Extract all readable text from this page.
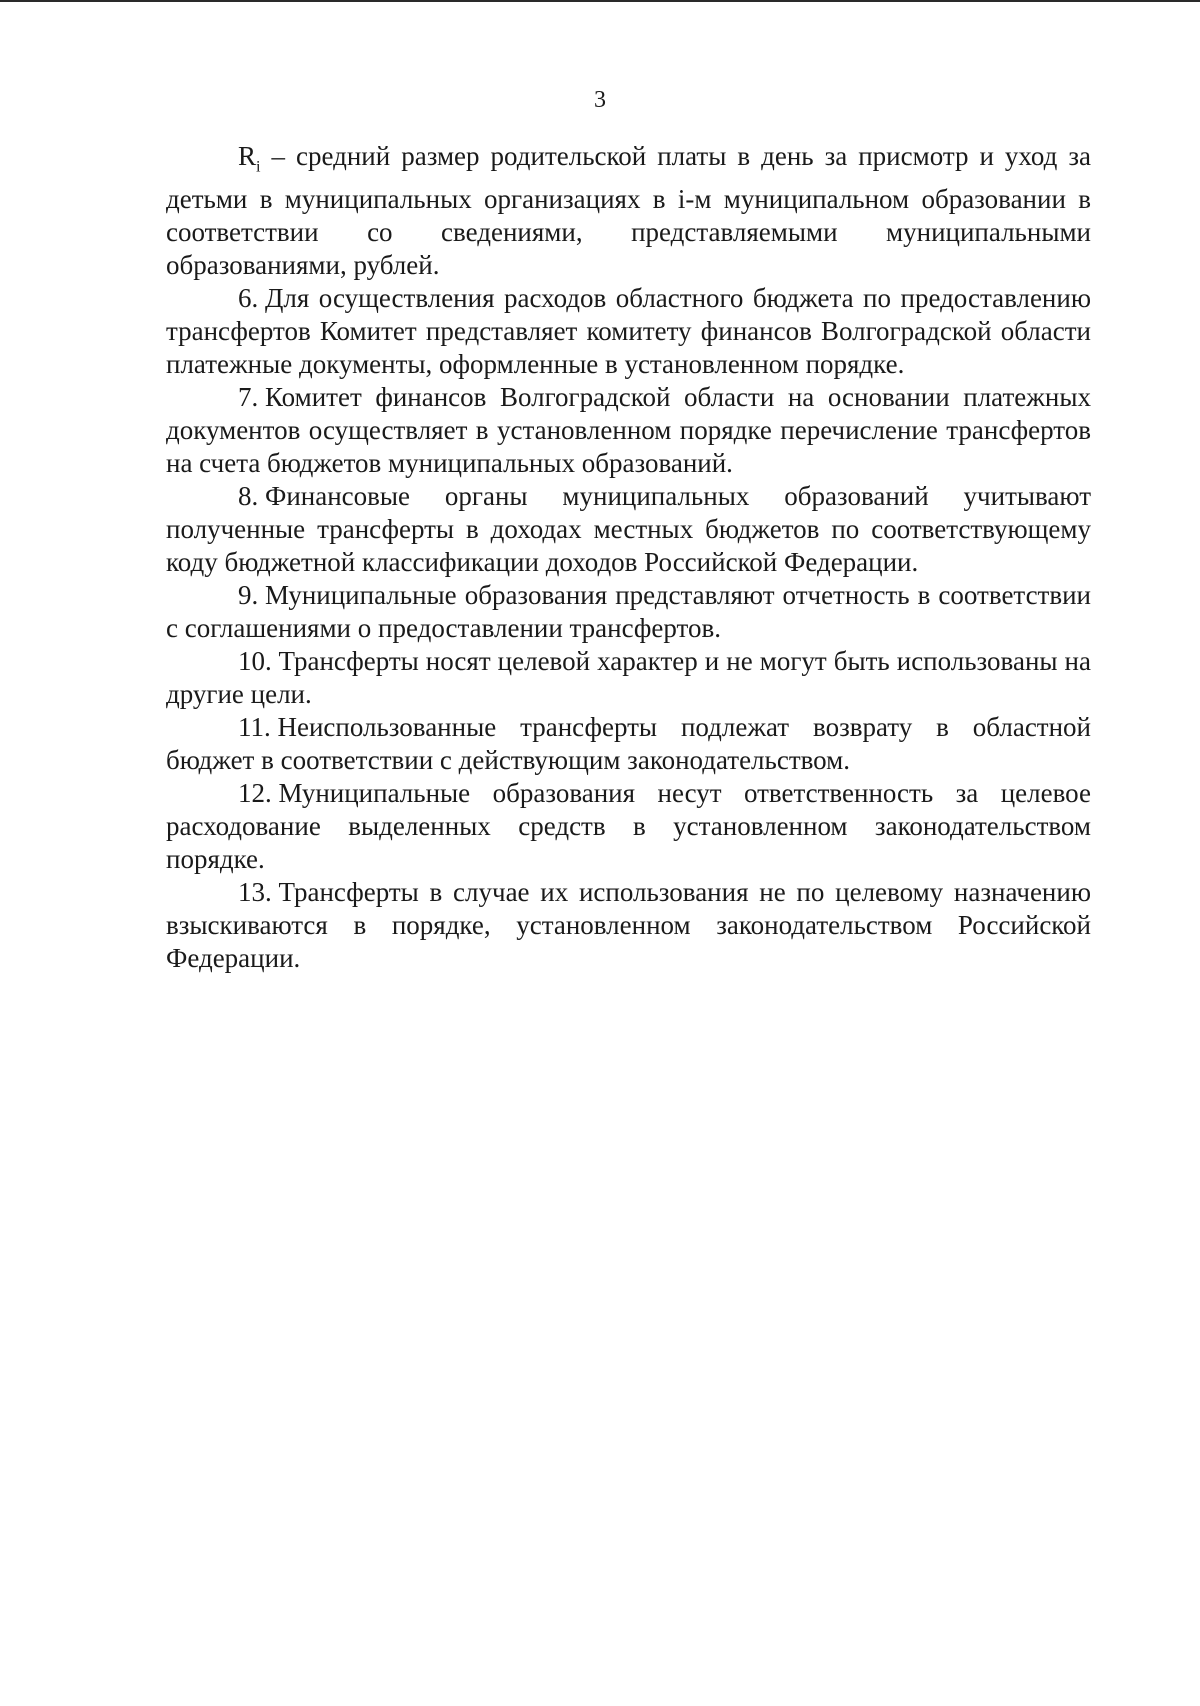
3

$R_i$ – средний размер родительской платы в день за присмотр и уход за детьми в муниципальных организациях в i-м муниципальном образовании в соответствии со сведениями, представляемыми муниципальными образованиями, рублей.

6. Для осуществления расходов областного бюджета по предоставлению трансфертов Комитет представляет комитету финансов Волгоградской области платежные документы, оформленные в установленном порядке.

7. Комитет финансов Волгоградской области на основании платежных документов осуществляет в установленном порядке перечисление трансфертов на счета бюджетов муниципальных образований.

8. Финансовые органы муниципальных образований учитывают полученные трансферты в доходах местных бюджетов по соответствующему коду бюджетной классификации доходов Российской Федерации.

9. Муниципальные образования представляют отчетность в соответствии с соглашениями о предоставлении трансфертов.

10. Трансферты носят целевой характер и не могут быть использованы на другие цели.

11. Неиспользованные трансферты подлежат возврату в областной бюджет в соответствии с действующим законодательством.

12. Муниципальные образования несут ответственность за целевое расходование выделенных средств в установленном законодательством порядке.

13. Трансферты в случае их использования не по целевому назначению взыскиваются в порядке, установленном законодательством Российской Федерации.
